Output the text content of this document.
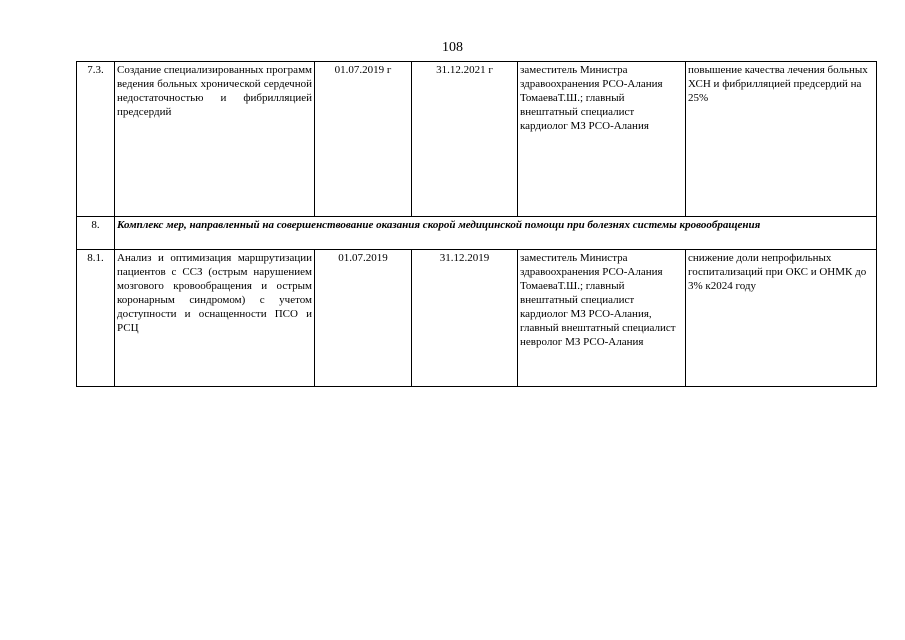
108
7.3.	Создание специализированных программ ведения больных хронической сердечной недостаточностью и фибрилляцией предсердий	01.07.2019 г	31.12.2021 г	заместитель Министра здравоохранения РСО-Алания ТомаеваТ.Ш.; главный внештатный специалист кардиолог МЗ РСО-Алания	повышение качества лечения больных ХСН и фибрилляцией предсердий на 25%
8.	Комплекс мер, направленный на совершенствование оказания скорой медицинской помощи при болезнях системы кровообращения				
8.1.	Анализ и оптимизация маршрутизации пациентов с ССЗ (острым нарушением мозгового кровообращения и острым коронарным синдромом) с учетом доступности и оснащенности ПСО и РСЦ	01.07.2019	31.12.2019	заместитель Министра здравоохранения РСО-Алания ТомаеваТ.Ш.; главный внештатный специалист кардиолог МЗ РСО-Алания, главный внештатный специалист невролог МЗ РСО-Алания	снижение доли непрофильных госпитализаций при ОКС и ОНМК до 3% к2024 году
